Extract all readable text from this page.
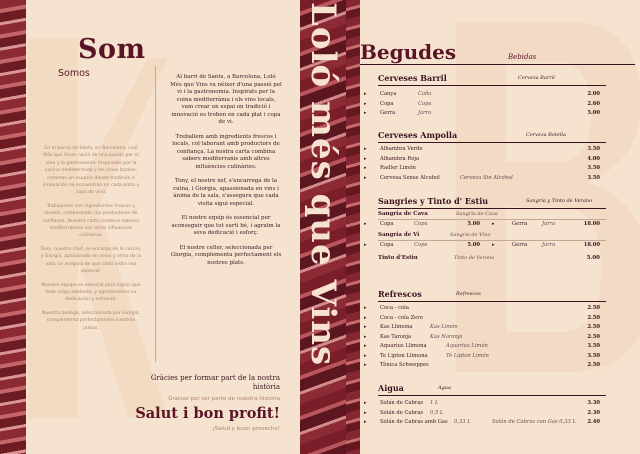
Som
Somos

En el barrio de Sants, en Barcelona, Loló Más que Vinos nació de una pasión por el vino y la gastronomía. Inspirados por la cocina mediterránea y los vinos locales, creamos un espacio donde tradición e innovación se encuentran en cada plato y copa de vino.

Trabajamos con ingredientes frescos y locales, colaborando con productores de confianza. Nuestra carta combina sabores mediterráneos con otras influencias culinarias.

Tony, nuestro chef, se encarga de la cocina, y Giorgia, apasionada en vinos y alma de la sala, se asegura de que cada visita sea especial.

Nuestro equipo es esencial para lograr que todo salga adelante, y agradecemos su dedicación y esfuerzo.

Nuestra bodega, seleccionada por Giorgia, complementa perfectamente nuestros platos.

Al barri de Sants, a Barcelona, Loló Més que Vins va néixer d'una passió pel vi i la gastronomia. Inspirats per la cuina mediterrània i els vins locals, vam crear un espai on tradició i innovació es troben en cada plat i copa de vi.

Treballem amb ingredients frescos i locals, col·laborant amb productors de confiança. La nostra carta combina sabors mediterranis amb altres influències culinàries.

Tony, el nostre xef, s'encarrega de la cuina, i Giorgia, apassionada en vins i ànima de la sala, s'assegura que cada visita sigui especial.

El nostre equip és essencial per aconseguir que tot surti bé, i agraïm la seva dedicació i esforç.

El nostre celler, seleccionada per Giorgia, complementa perfectament els nostres plats.

Gràcies per formar part de la nostra història
Gracias por ser parte de nuestra historia
Salut i bon profit!
¡Salud y buen provecho!
Loló més que Vins Begudes	Bebidas
Cerveses Barril	Cerveza Barril
▸	Canya	Caña	2.00
▸	Copa	Copa	2.60
▸	Gerra	Jarra	5.00
Cerveses Ampolla	Cerveza Botella
▸	Alhambra Verde	3.50
▸	Alhambra Roja	4.00
▸	Radler Limón	3.50
▸	Cervesa Sense Alcohol	Cerveza Sin Alcohol	3.50
Sangries y Tinto d' Estiu	Sangría y Tinto de Verano
Sangria de Cava	Sangría de Cava
▸	Copa	Copa	5.00 ▸	Gerra	Jarra	18.00
Sangria de Vi	Sangría de Vino
▸	Copa	Copa	5.00 ▸	Gerra	Jarra	18.00
Tinto d'Estiu	Tinto de Verano	5.00
Refrescos	Refrescos
▸	Coca - cola	2.50
▸	Coca - cola Zero	2.50
▸	Kas Llimona	Kas Limón	2.50
▸	Kas Taronja	Kas Naranja	2.50
▸	Aquarius Llimona	Aquarius Limón	3.50
▸	Te Lipton Llimona	Té Lipton Limón	3.50
▸	Tònica Schweppes	2.50
Aigua	Agua
▸	Solán de Cabras 1 L	3.30
▸	Solán de Cabras 0,5 L	2.30
▸	Solán de Cabras amb Gas 0,33 L	Solán de Cabras con Gas 0,33 L 2.40
